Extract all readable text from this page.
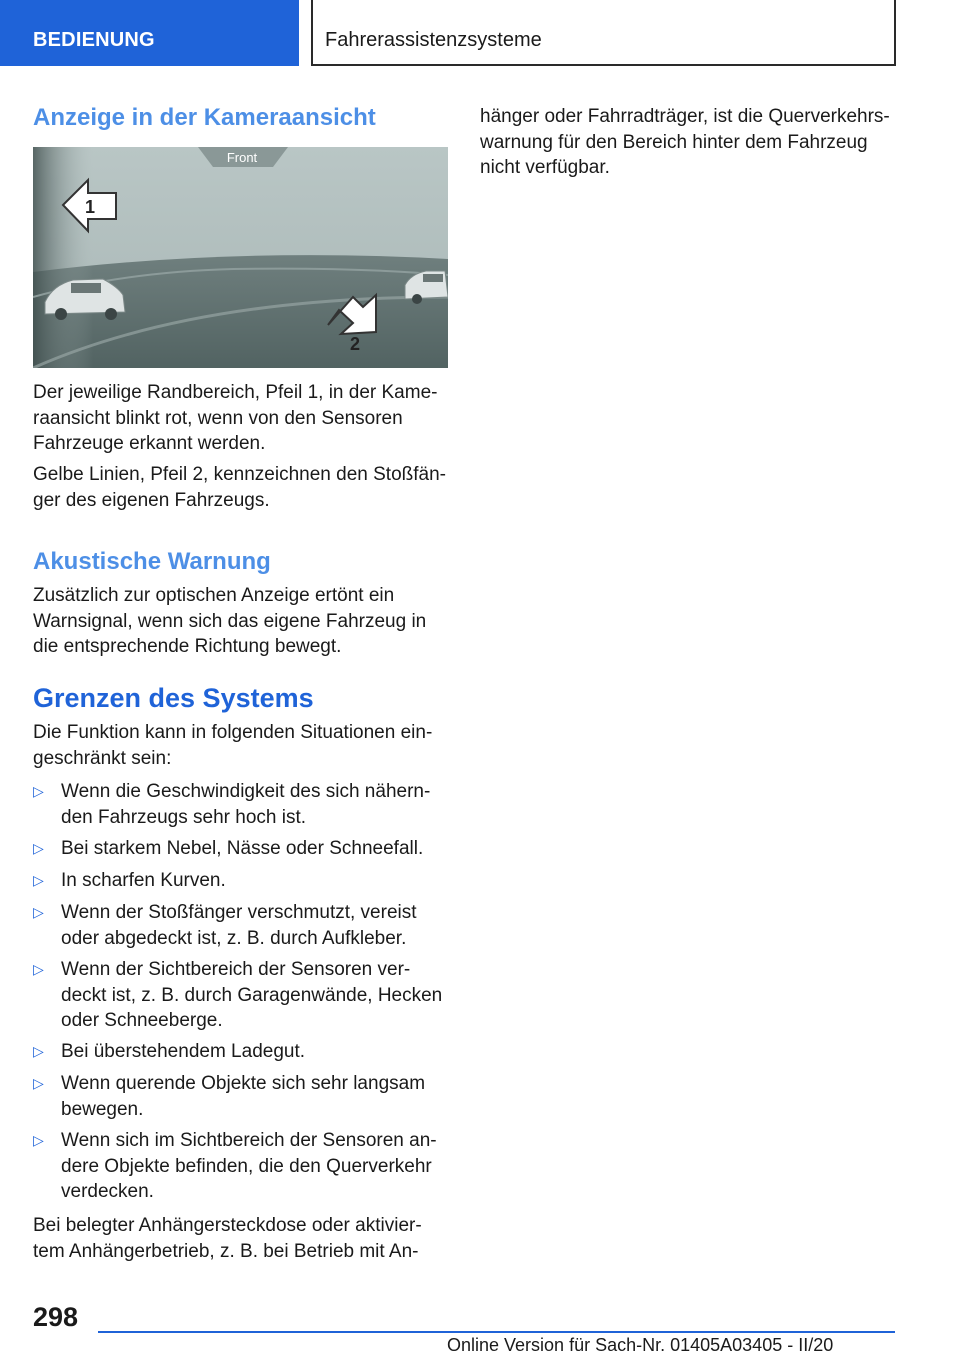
BEDIENUNG	Fahrerassistenzsysteme
Anzeige in der Kameraansicht
Front
1
2
Der jeweilige Randbereich, Pfeil 1, in der Kame-
raansicht blinkt rot, wenn von den Sensoren
Fahrzeuge erkannt werden.
Gelbe Linien, Pfeil 2, kennzeichnen den Stoßfän-
ger des eigenen Fahrzeugs.
Akustische Warnung
Zusätzlich zur optischen Anzeige ertönt ein
Warnsignal, wenn sich das eigene Fahrzeug in
die entsprechende Richtung bewegt.
Grenzen des Systems
Die Funktion kann in folgenden Situationen ein-
geschränkt sein:
▷ Wenn die Geschwindigkeit des sich nähern-
den Fahrzeugs sehr hoch ist.
▷ Bei starkem Nebel, Nässe oder Schneefall.
▷ In scharfen Kurven.
▷ Wenn der Stoßfänger verschmutzt, vereist
oder abgedeckt ist, z. B. durch Aufkleber.
▷ Wenn der Sichtbereich der Sensoren ver-
deckt ist, z. B. durch Garagenwände, Hecken
oder Schneeberge.
▷ Bei überstehendem Ladegut.
▷ Wenn querende Objekte sich sehr langsam
bewegen.
▷ Wenn sich im Sichtbereich der Sensoren an-
dere Objekte befinden, die den Querverkehr
verdecken.
Bei belegter Anhängersteckdose oder aktivier-
tem Anhängerbetrieb, z. B. bei Betrieb mit An-
hänger oder Fahrradträger, ist die Querverkehrs-
warnung für den Bereich hinter dem Fahrzeug
nicht verfügbar.
298
Online Version für Sach-Nr. 01405A03405 - II/20
